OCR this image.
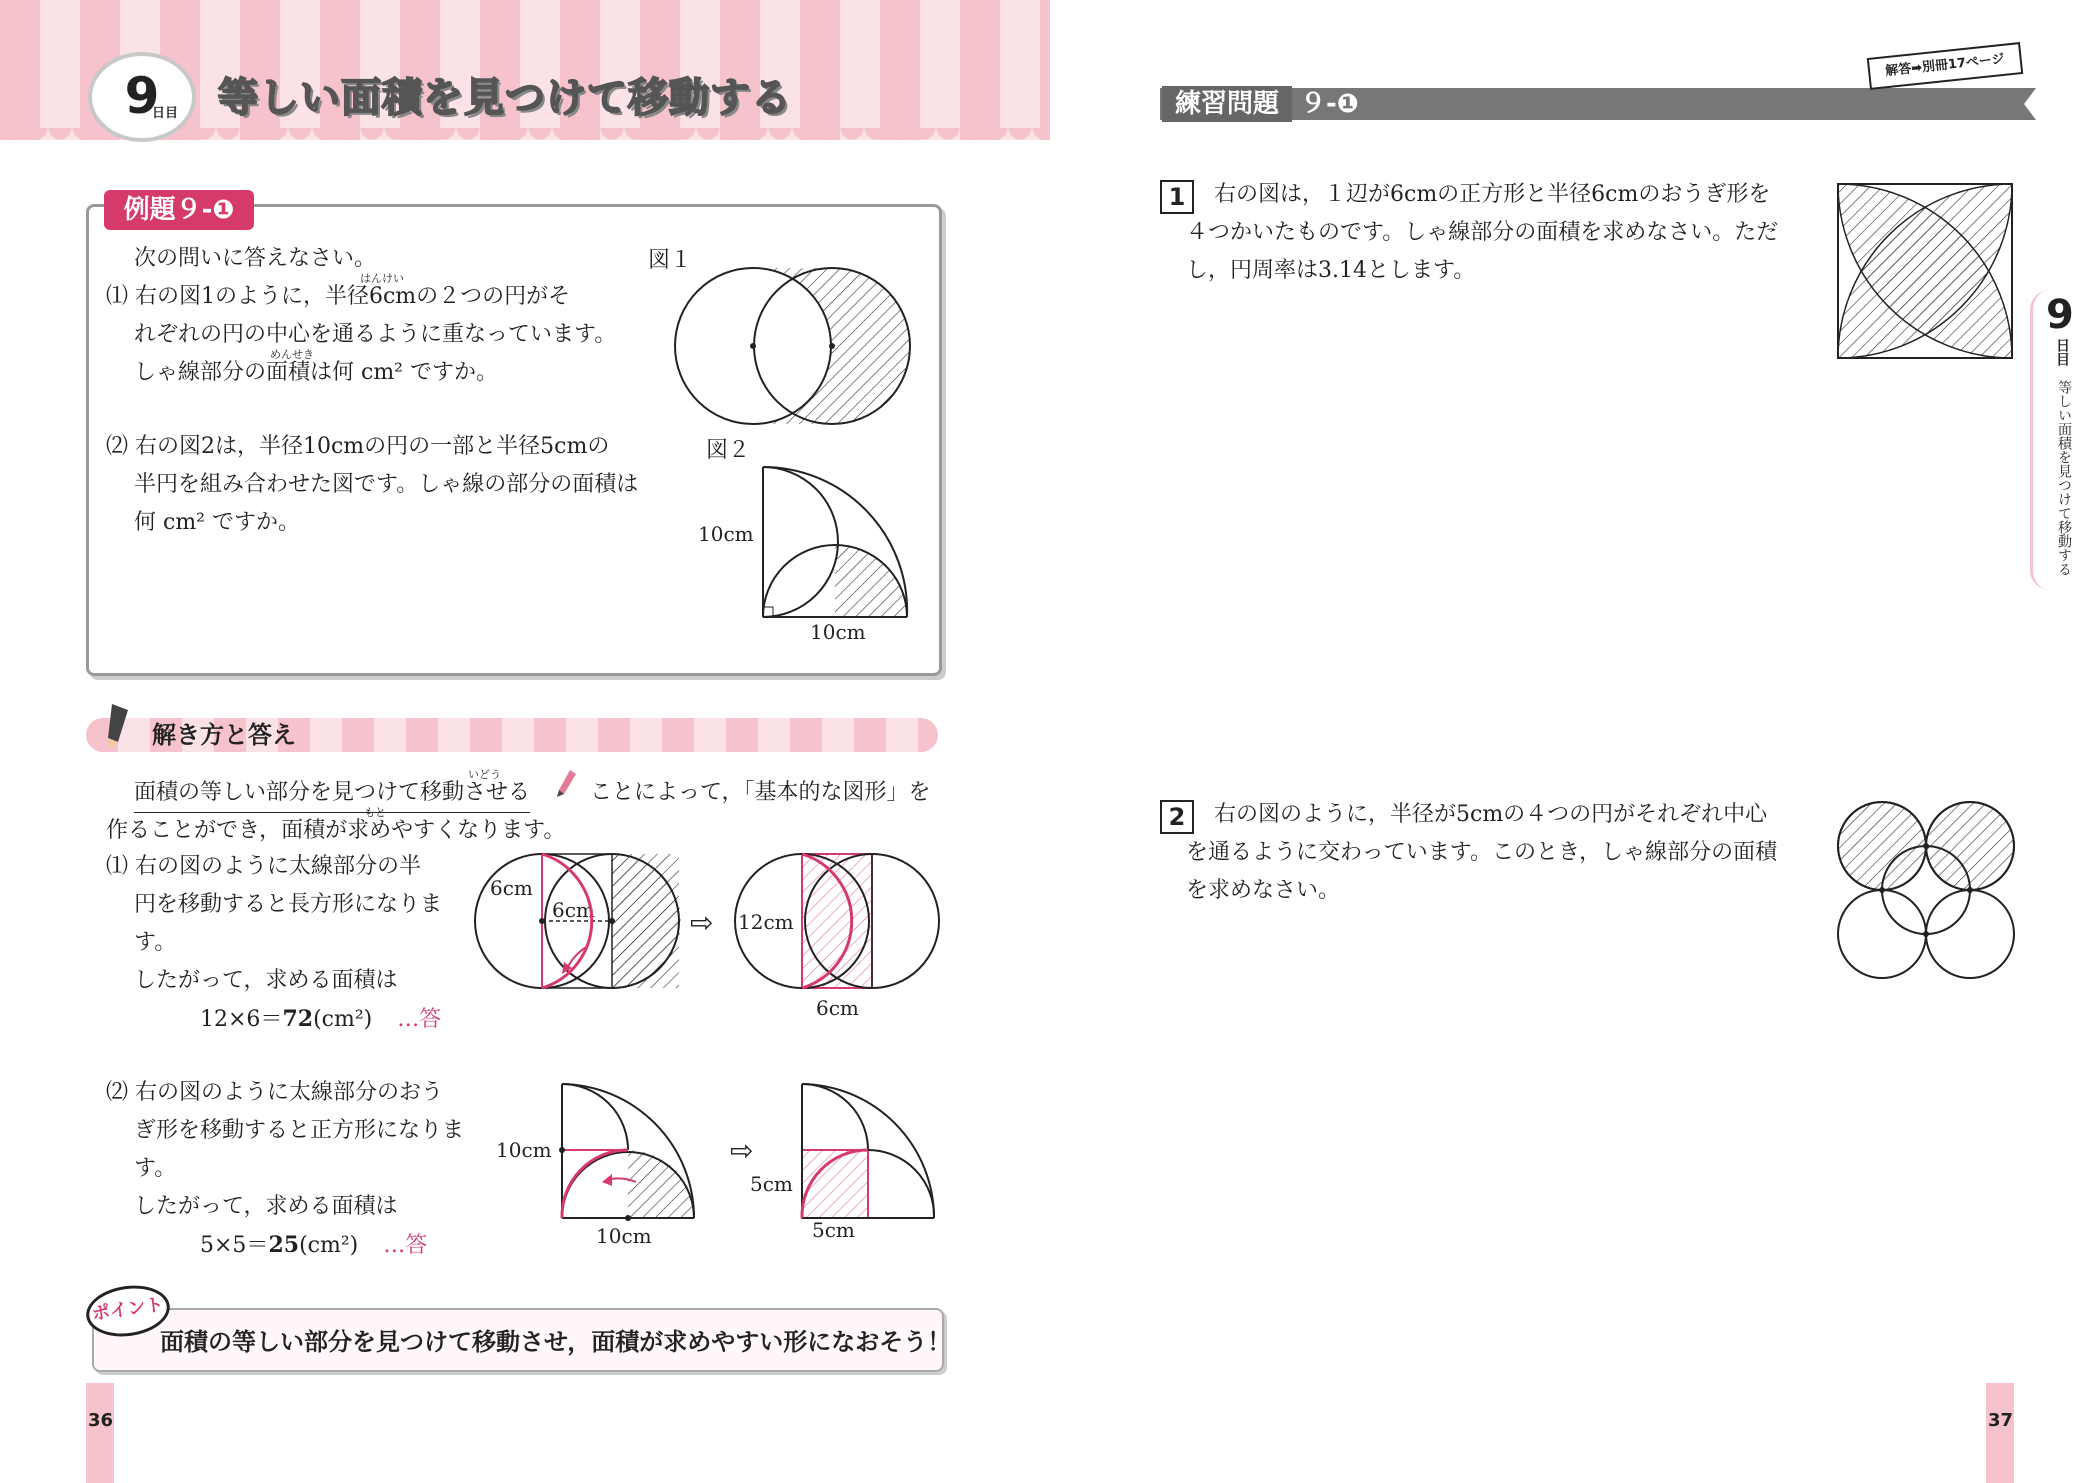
9
日目 等しい面積を見つけて移動する
例題９-❶
次の問いに答えなさい。
はんけい
⑴ 右の図1のように，半径6cmの２つの円がそ
めんせき
れぞれの円の中心を通るように重なっています。
しゃ線部分の面積は何 cm² ですか。
⑵ 右の図2は，半径10cmの円の一部と半径5cmの
半円を組み合わせた図です。しゃ線の部分の面積は
何 cm² ですか。
図１
図２
10cm
10cm
解き方と答え
いどう
面積の等しい部分を見つけて移動させる	ことによって，「基本的な図形」を
もと
作ることができ，面積が求めやすくなります。
⑴ 右の図のように太線部分の半
円を移動すると長方形になりま
す。
したがって，求める面積は
12×6＝72(cm²) …答
6cm
6cm	⇨ 12cm
6cm
⑵ 右の図のように太線部分のおう
ぎ形を移動すると正方形になりま
す。
したがって，求める面積は
5×5＝25(cm²) …答
10cm
10cm
⇨
5cm
5cm
ポイント
面積の等しい部分を見つけて移動させ，面積が求めやすい形になおそう！
36
練習問題 ９-❶
解答➡別冊17ページ
1	右の図は，１辺が6cmの正方形と半径6cmのおうぎ形を
４つかいたものです。しゃ線部分の面積を求めなさい。ただ
し，円周率は3.14とします。
2	右の図のように，半径が5cmの４つの円がそれぞれ中心
を通るように交わっています。このとき，しゃ線部分の面積
を求めなさい。
9
日目
等しい面積を見つけて移動する
37
